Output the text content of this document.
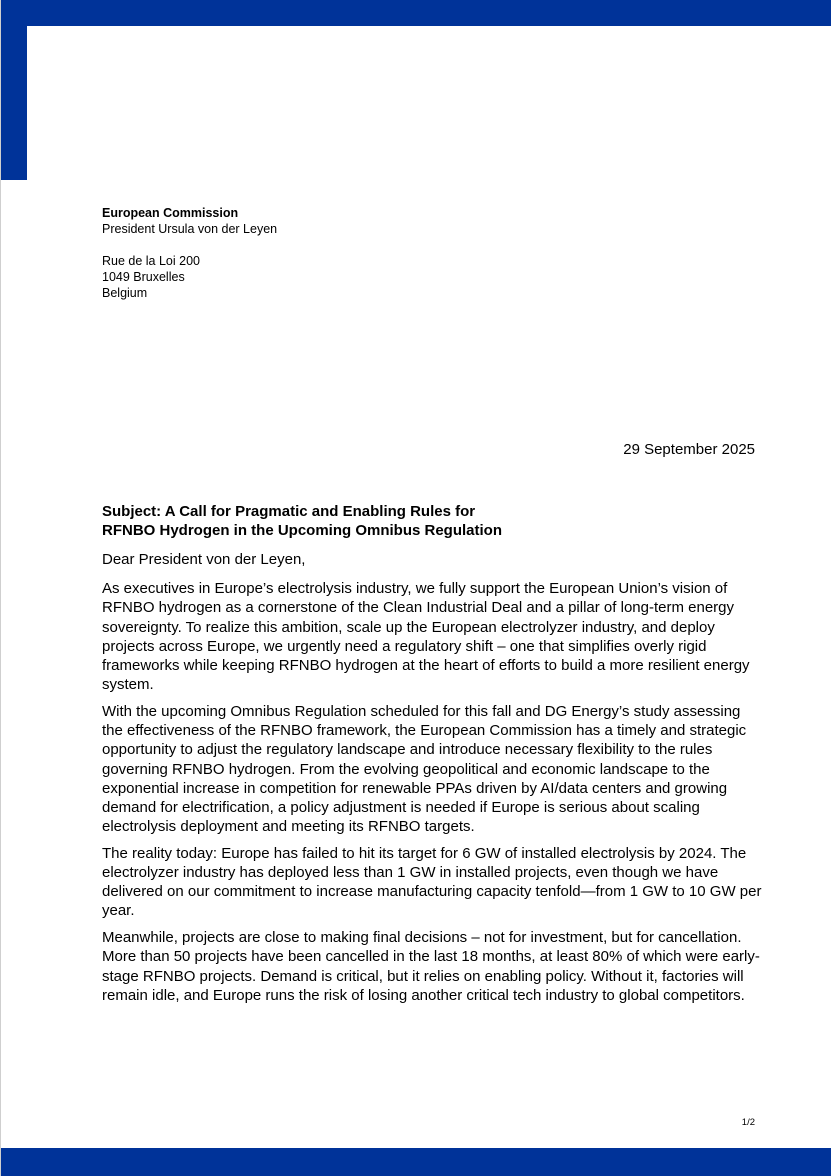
European Commission
President Ursula von der Leyen
Rue de la Loi 200
1049 Bruxelles
Belgium
29 September 2025
Subject: A Call for Pragmatic and Enabling Rules for
RFNBO Hydrogen in the Upcoming Omnibus Regulation

Dear President von der Leyen,

As executives in Europe’s electrolysis industry, we fully support the European Union’s vision of RFNBO hydrogen as a cornerstone of the Clean Industrial Deal and a pillar of long-term energy sovereignty. To realize this ambition, scale up the European electrolyzer industry, and deploy projects across Europe, we urgently need a regulatory shift – one that simplifies overly rigid frameworks while keeping RFNBO hydrogen at the heart of efforts to build a more resilient energy system.

With the upcoming Omnibus Regulation scheduled for this fall and DG Energy’s study assessing the effectiveness of the RFNBO framework, the European Commission has a timely and strategic opportunity to adjust the regulatory landscape and introduce necessary flexibility to the rules governing RFNBO hydrogen. From the evolving geopolitical and economic landscape to the exponential increase in competition for renewable PPAs driven by AI/data centers and growing demand for electrification, a policy adjustment is needed if Europe is serious about scaling electrolysis deployment and meeting its RFNBO targets.

The reality today: Europe has failed to hit its target for 6 GW of installed electrolysis by 2024. The electrolyzer industry has deployed less than 1 GW in installed projects, even though we have delivered on our commitment to increase manufacturing capacity tenfold—from 1 GW to 10 GW per year.

Meanwhile, projects are close to making final decisions – not for investment, but for cancellation. More than 50 projects have been cancelled in the last 18 months, at least 80% of which were early-stage RFNBO projects. Demand is critical, but it relies on enabling policy. Without it, factories will remain idle, and Europe runs the risk of losing another critical tech industry to global competitors.

1/2
